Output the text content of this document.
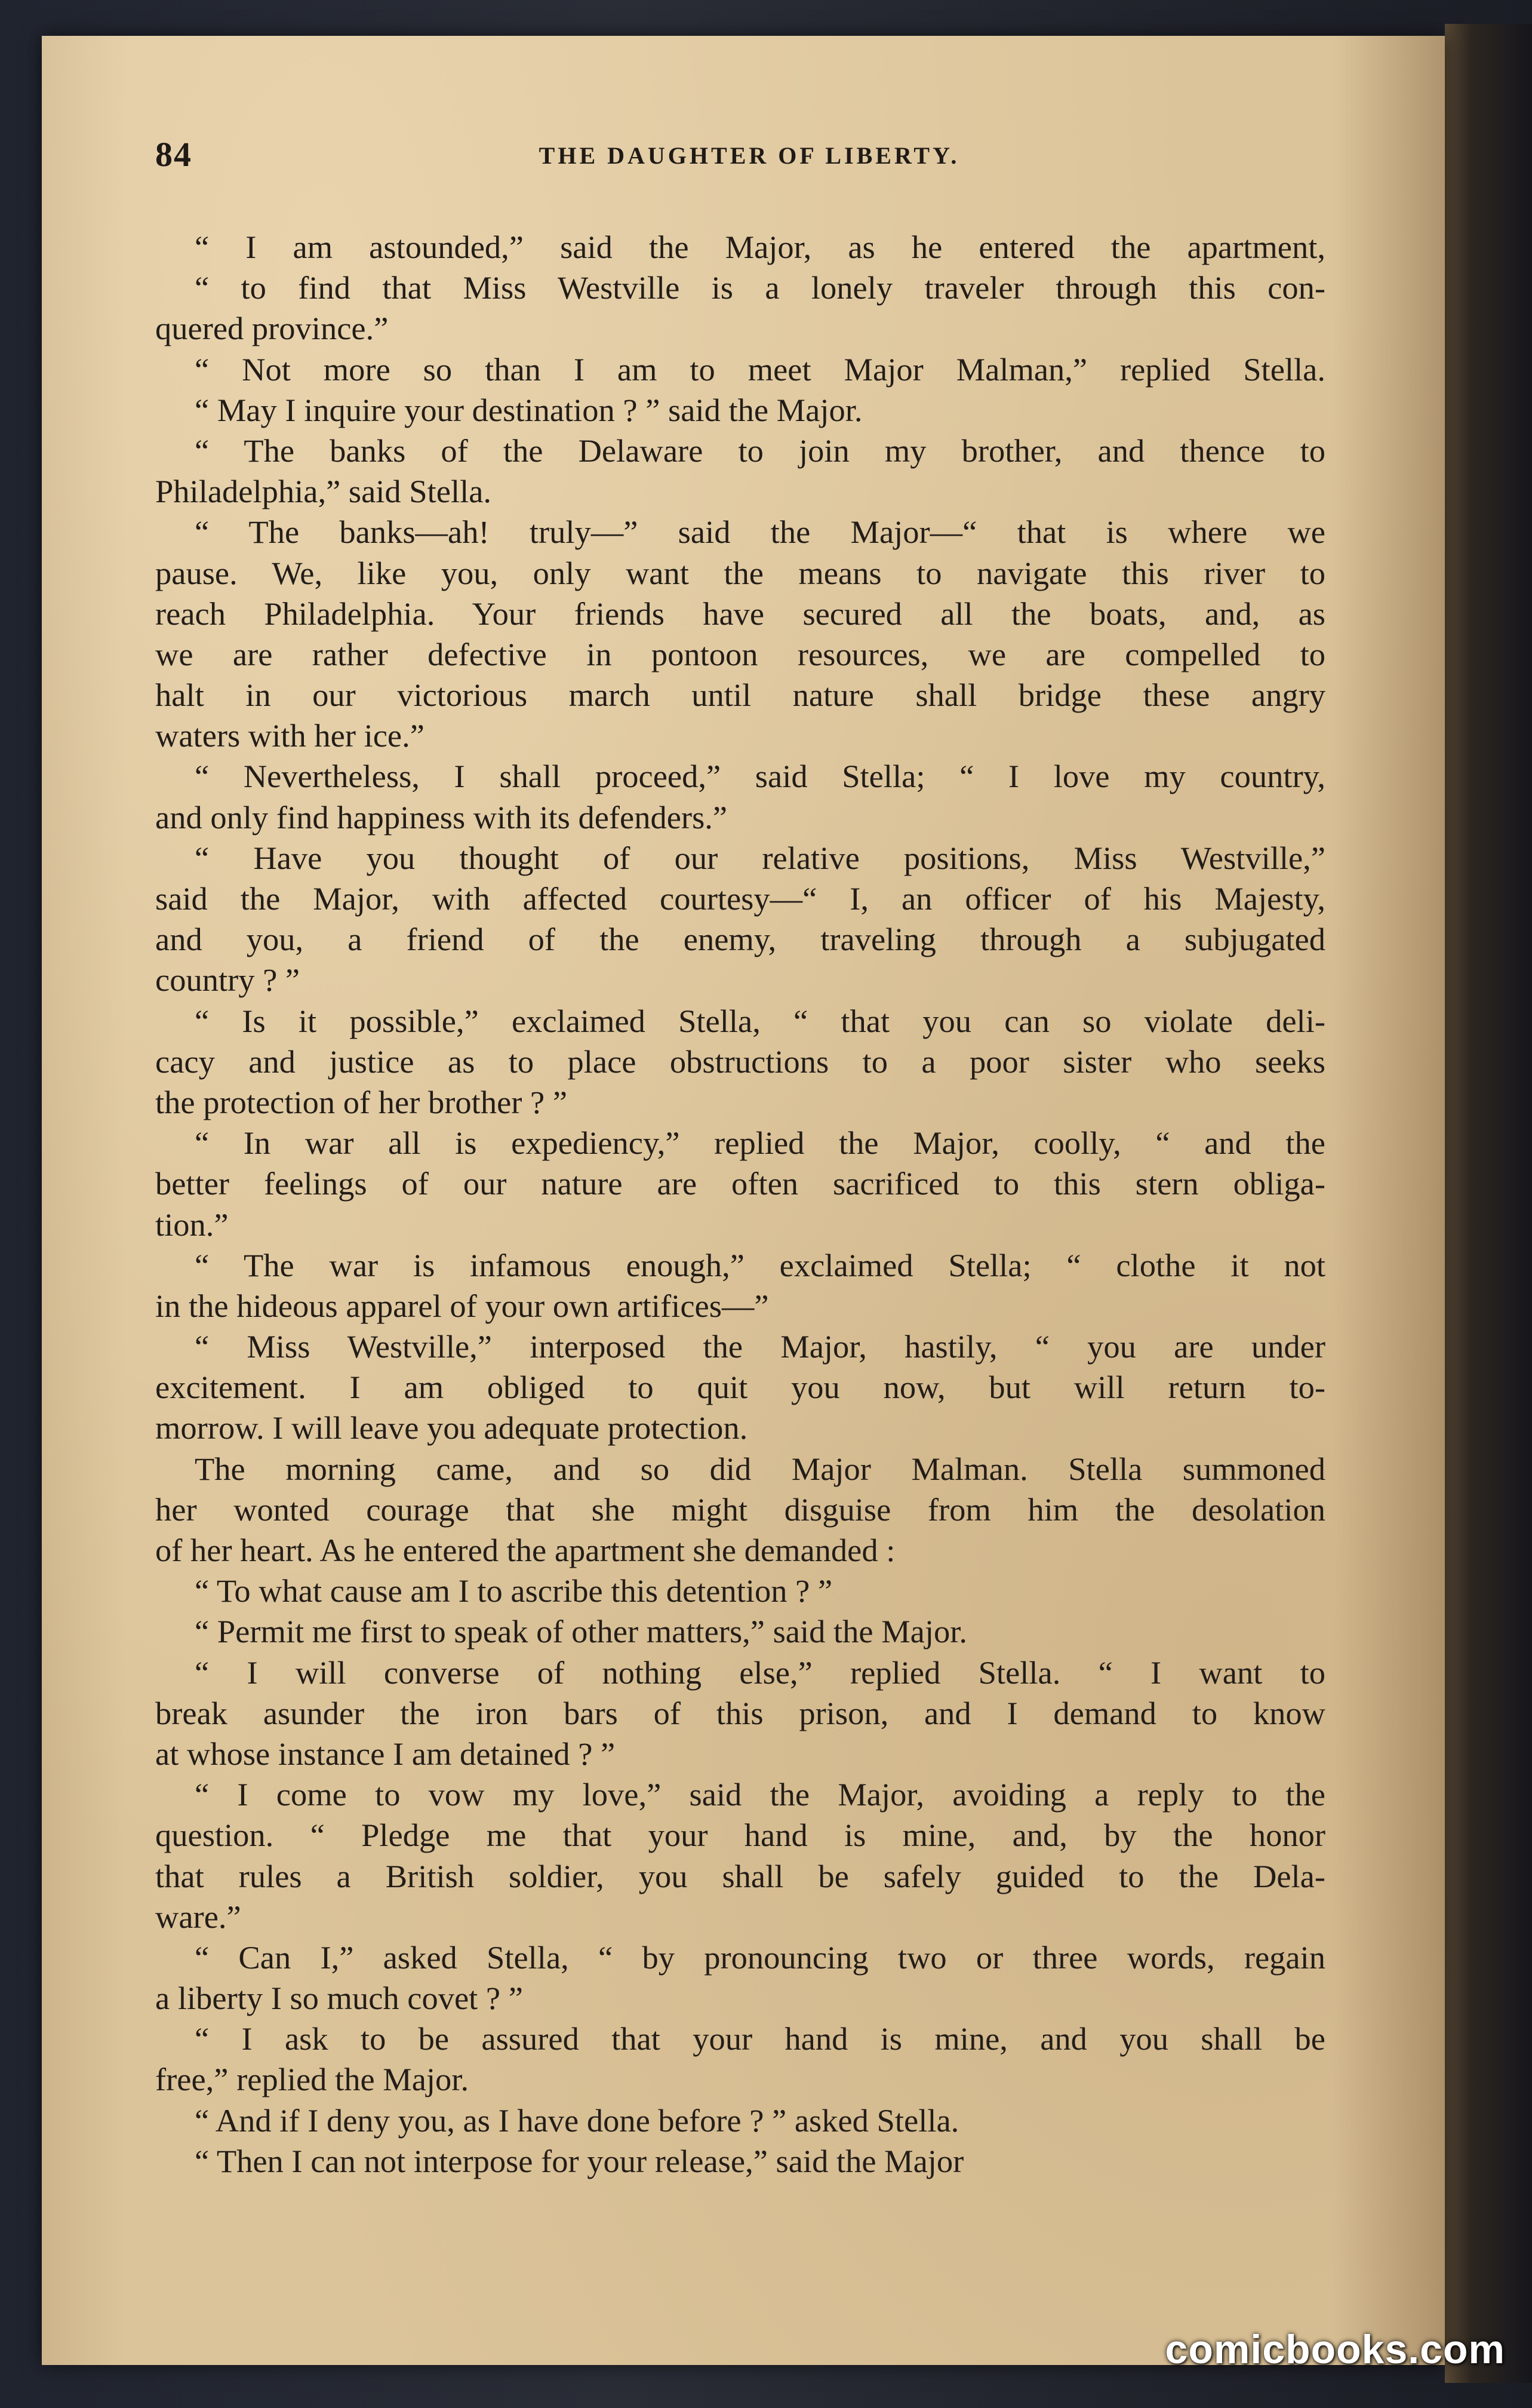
84	THE DAUGHTER OF LIBERTY.
“ I am astounded,” said the Major, as he entered the apartment,
“ to find that Miss Westville is a lonely traveler through this con-
quered province.”
“ Not more so than I am to meet Major Malman,” replied Stella.
“ May I inquire your destination ? ” said the Major.
“ The banks of the Delaware to join my brother, and thence to
Philadelphia,” said Stella.
“ The banks—ah! truly—” said the Major—“ that is where we
pause. We, like you, only want the means to navigate this river to
reach Philadelphia. Your friends have secured all the boats, and, as
we are rather defective in pontoon resources, we are compelled to
halt in our victorious march until nature shall bridge these angry
waters with her ice.”
“ Nevertheless, I shall proceed,” said Stella; “ I love my country,
and only find happiness with its defenders.”
“ Have you thought of our relative positions, Miss Westville,”
said the Major, with affected courtesy—“ I, an officer of his Majesty,
and you, a friend of the enemy, traveling through a subjugated
country ? ”
“ Is it possible,” exclaimed Stella, “ that you can so violate deli-
cacy and justice as to place obstructions to a poor sister who seeks
the protection of her brother ? ”
“ In war all is expediency,” replied the Major, coolly, “ and the
better feelings of our nature are often sacrificed to this stern obliga-
tion.”
“ The war is infamous enough,” exclaimed Stella; “ clothe it not
in the hideous apparel of your own artifices—”
“ Miss Westville,” interposed the Major, hastily, “ you are under
excitement. I am obliged to quit you now, but will return to-
morrow. I will leave you adequate protection.
The morning came, and so did Major Malman. Stella summoned
her wonted courage that she might disguise from him the desolation
of her heart. As he entered the apartment she demanded :
“ To what cause am I to ascribe this detention ? ”
“ Permit me first to speak of other matters,” said the Major.
“ I will converse of nothing else,” replied Stella. “ I want to
break asunder the iron bars of this prison, and I demand to know
at whose instance I am detained ? ”
“ I come to vow my love,” said the Major, avoiding a reply to the
question. “ Pledge me that your hand is mine, and, by the honor
that rules a British soldier, you shall be safely guided to the Dela-
ware.”
“ Can I,” asked Stella, “ by pronouncing two or three words, regain
a liberty I so much covet ? ”
“ I ask to be assured that your hand is mine, and you shall be
free,” replied the Major.
“ And if I deny you, as I have done before ? ” asked Stella.
“ Then I can not interpose for your release,” said the Major
comicbooks.com
